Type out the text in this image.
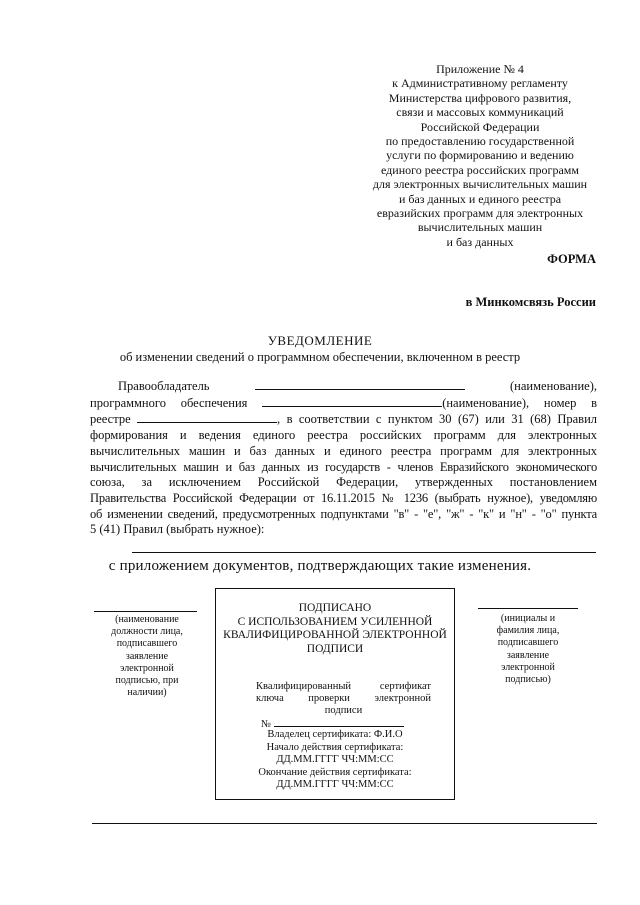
Приложение № 4
к Административному регламенту
Министерства цифрового развития,
связи и массовых коммуникаций
Российской Федерации
по предоставлению государственной
услуги по формированию и ведению
единого реестра российских программ
для электронных вычислительных машин
и баз данных и единого реестра
евразийских программ для электронных
вычислительных машин
и баз данных
ФОРМА
в Минкомсвязь России
УВЕДОМЛЕНИЕ
об изменении сведений о программном обеспечении, включенном в реестр
Правообладатель	(наименование),
программного обеспечения	(наименование), номер в
реестре	, в соответствии с пунктом 30 (67) или 31 (68) Правил
формирования и ведения единого реестра российских программ для электронных
вычислительных машин и баз данных и единого реестра программ для электронных
вычислительных машин и баз данных из государств - членов Евразийского экономического
союза, за исключением Российской Федерации, утвержденных постановлением
Правительства Российской Федерации от 16.11.2015 № 1236 (выбрать нужное), уведомляю
об изменении сведений, предусмотренных подпунктами "в" - "е", "ж" - "к" и "н" - "о" пункта
5 (41) Правил (выбрать нужное):
с приложением документов, подтверждающих такие изменения.
(наименование
должности лица,
подписавшего
заявление
электронной
подписью, при
наличии)
(инициалы и
фамилия лица,
подписавшего
заявление
электронной
подписью)
ПОДПИСАНО
С ИСПОЛЬЗОВАНИЕМ УСИЛЕННОЙ
КВАЛИФИЦИРОВАННОЙ ЭЛЕКТРОННОЙ
ПОДПИСИ
Квалифицированный сертификат
ключа проверки электронной
подписи
№
Владелец сертификата: Ф.И.О
Начало действия сертификата:
ДД.ММ.ГГГГ ЧЧ:ММ:СС
Окончание действия сертификата:
ДД.ММ.ГГГГ ЧЧ:ММ:СС
